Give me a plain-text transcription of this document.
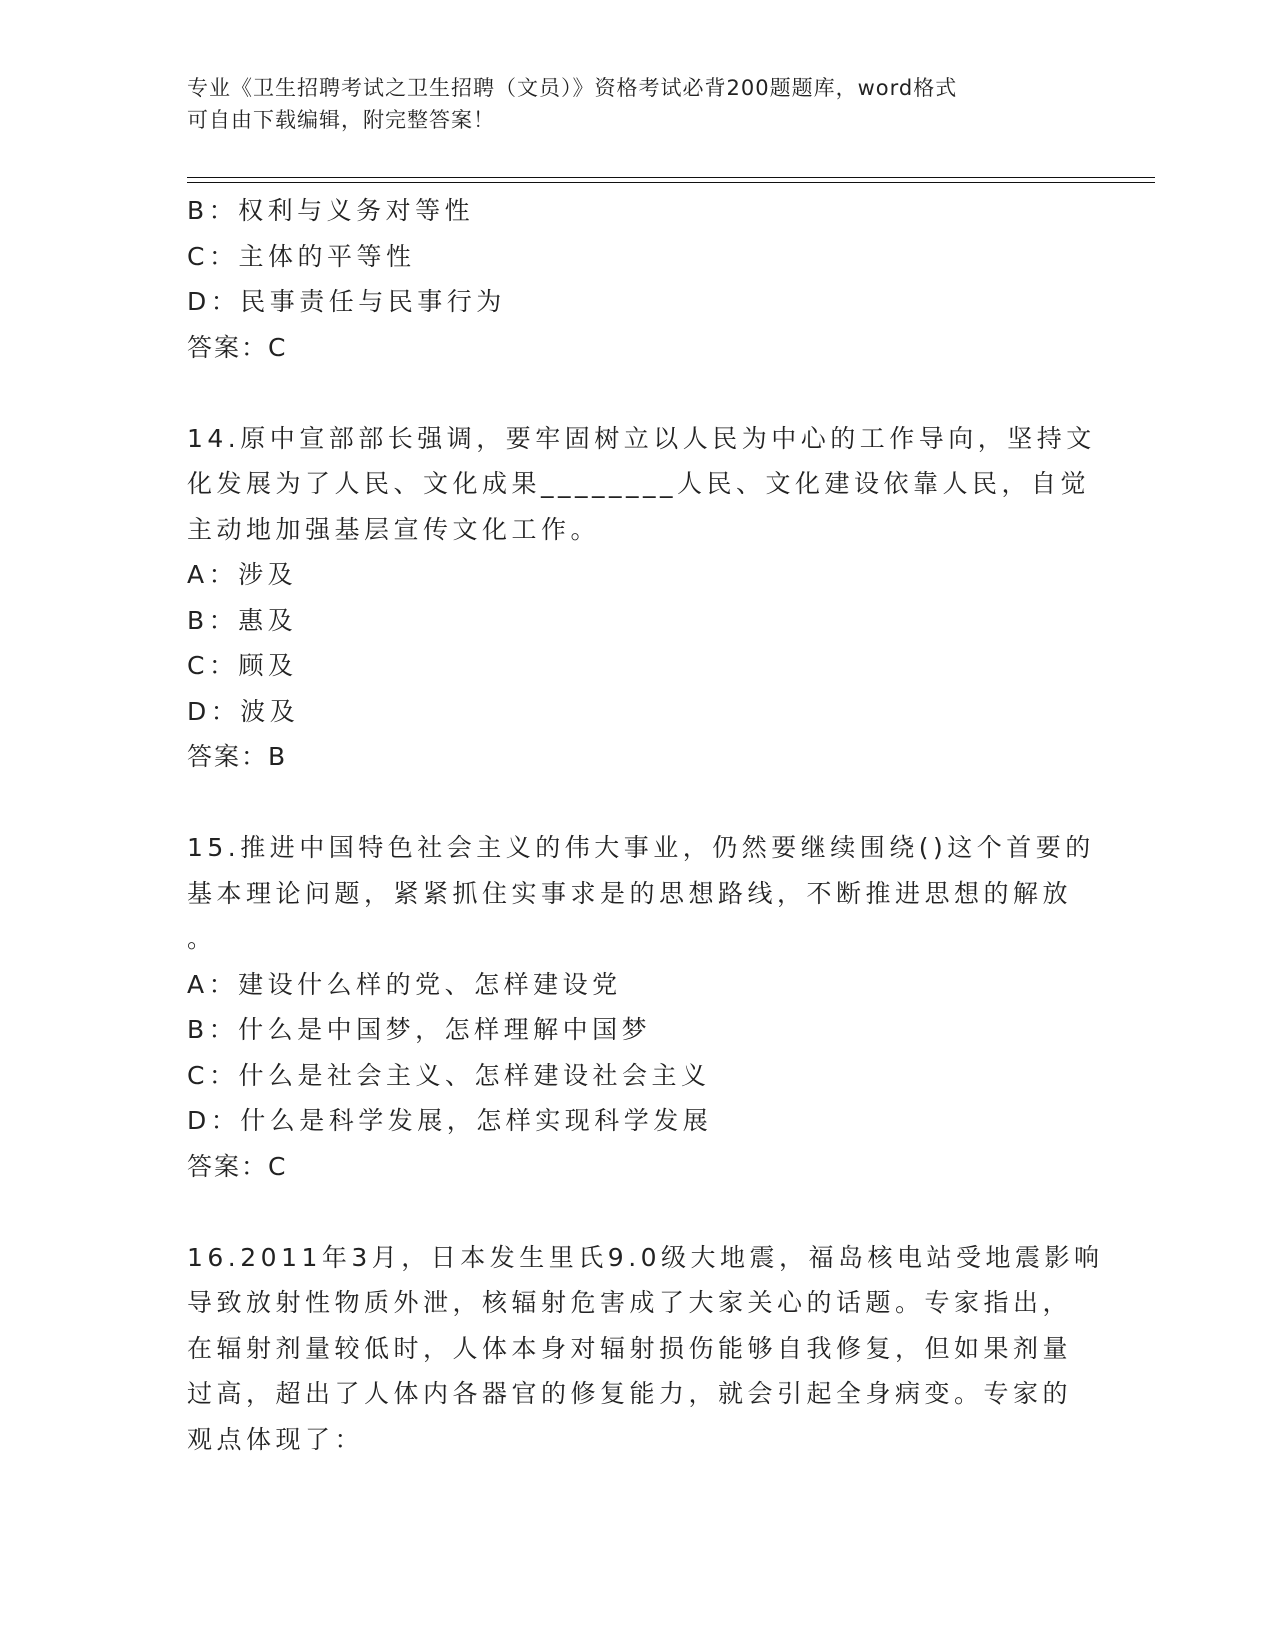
专业《卫生招聘考试之卫生招聘（文员）》资格考试必背200题题库，word格式
可自由下载编辑，附完整答案！
B：权利与义务对等性
C：主体的平等性
D：民事责任与民事行为
答案：C
14.原中宣部部长强调，要牢固树立以人民为中心的工作导向，坚持文
化发展为了人民、文化成果________人民、文化建设依靠人民，自觉
主动地加强基层宣传文化工作。
A：涉及
B：惠及
C：顾及
D：波及
答案：B
15.推进中国特色社会主义的伟大事业，仍然要继续围绕()这个首要的
基本理论问题，紧紧抓住实事求是的思想路线，不断推进思想的解放
。
A：建设什么样的党、怎样建设党
B：什么是中国梦，怎样理解中国梦
C：什么是社会主义、怎样建设社会主义
D：什么是科学发展，怎样实现科学发展
答案：C
16.2011年3月，日本发生里氏9.0级大地震，福岛核电站受地震影响
导致放射性物质外泄，核辐射危害成了大家关心的话题。专家指出，
在辐射剂量较低时，人体本身对辐射损伤能够自我修复，但如果剂量
过高，超出了人体内各器官的修复能力，就会引起全身病变。专家的
观点体现了：
